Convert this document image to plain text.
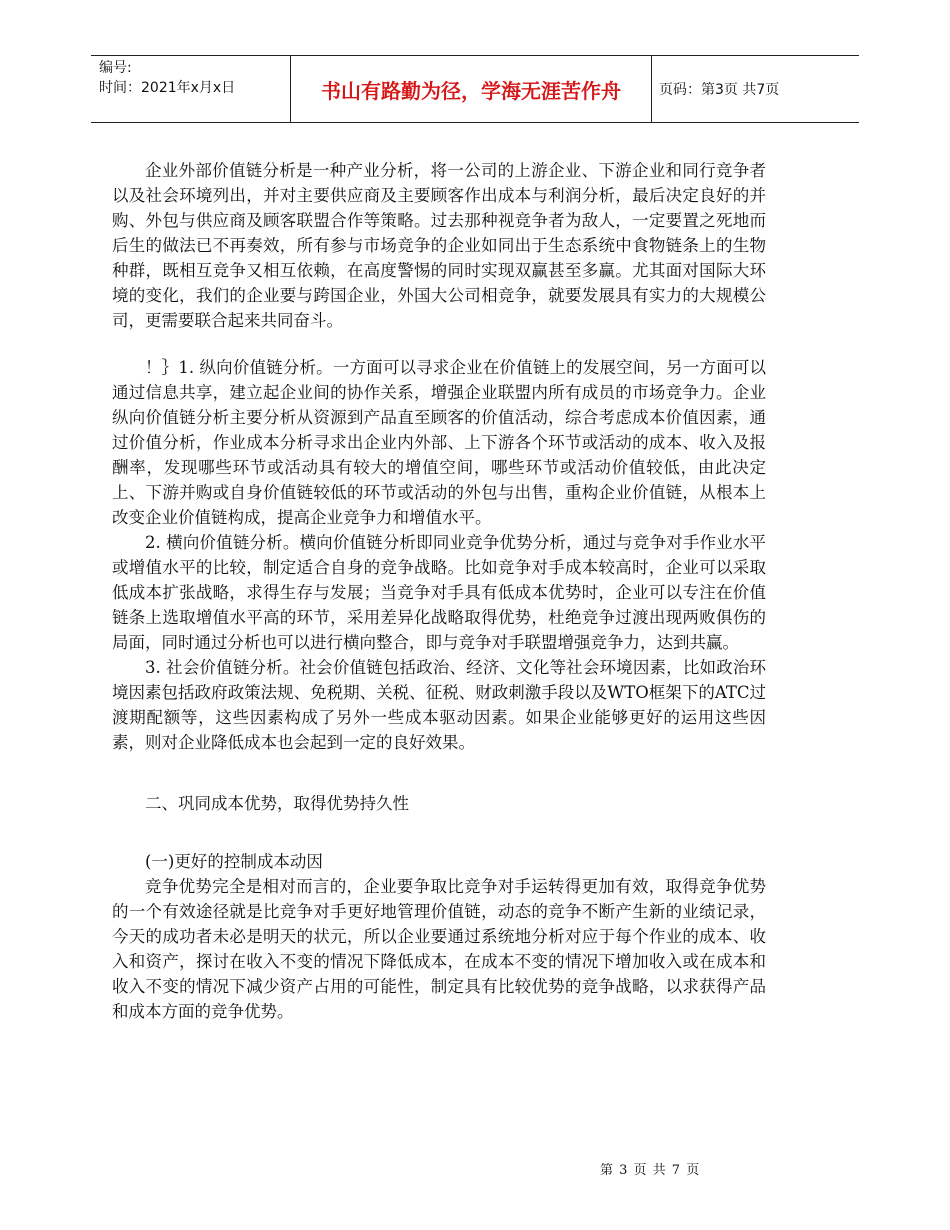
编号:
时间：2021年x月x日	书山有路勤为径，学海无涯苦作舟	页码：第3页 共7页

企业外部价值链分析是一种产业分析，将一公司的上游企业、下游企业和同行竞争者以及社会环境列出，并对主要供应商及主要顾客作出成本与利润分析，最后决定良好的并购、外包与供应商及顾客联盟合作等策略。过去那种视竞争者为敌人，一定要置之死地而后生的做法已不再奏效，所有参与市场竞争的企业如同出于生态系统中食物链条上的生物种群，既相互竞争又相互依赖，在高度警惕的同时实现双赢甚至多赢。尤其面对国际大环境的变化，我们的企业要与跨国企业，外国大公司相竞争，就要发展具有实力的大规模公司，更需要联合起来共同奋斗。

！｝1. 纵向价值链分析。一方面可以寻求企业在价值链上的发展空间，另一方面可以通过信息共享，建立起企业间的协作关系，增强企业联盟内所有成员的市场竞争力。企业纵向价值链分析主要分析从资源到产品直至顾客的价值活动，综合考虑成本价值因素，通过价值分析，作业成本分析寻求出企业内外部、上下游各个环节或活动的成本、收入及报酬率，发现哪些环节或活动具有较大的增值空间，哪些环节或活动价值较低，由此决定上、下游并购或自身价值链较低的环节或活动的外包与出售，重构企业价值链，从根本上改变企业价值链构成，提高企业竞争力和增值水平。

2. 横向价值链分析。横向价值链分析即同业竞争优势分析，通过与竞争对手作业水平或增值水平的比较，制定适合自身的竞争战略。比如竞争对手成本较高时，企业可以采取低成本扩张战略，求得生存与发展；当竞争对手具有低成本优势时，企业可以专注在价值链条上选取增值水平高的环节，采用差异化战略取得优势，杜绝竞争过渡出现两败俱伤的局面，同时通过分析也可以进行横向整合，即与竞争对手联盟增强竞争力，达到共赢。

3. 社会价值链分析。社会价值链包括政治、经济、文化等社会环境因素，比如政治环境因素包括政府政策法规、免税期、关税、征税、财政刺激手段以及WTO框架下的ATC过渡期配额等，这些因素构成了另外一些成本驱动因素。如果企业能够更好的运用这些因素，则对企业降低成本也会起到一定的良好效果。

二、巩同成本优势，取得优势持久性

(一)更好的控制成本动因

竞争优势完全是相对而言的，企业要争取比竞争对手运转得更加有效，取得竞争优势的一个有效途径就是比竞争对手更好地管理价值链，动态的竞争不断产生新的业绩记录，今天的成功者未必是明天的状元，所以企业要通过系统地分析对应于每个作业的成本、收入和资产，探讨在收入不变的情况下降低成本，在成本不变的情况下增加收入或在成本和收入不变的情况下减少资产占用的可能性，制定具有比较优势的竞争战略，以求获得产品和成本方面的竞争优势。

第 3 页 共 7 页
